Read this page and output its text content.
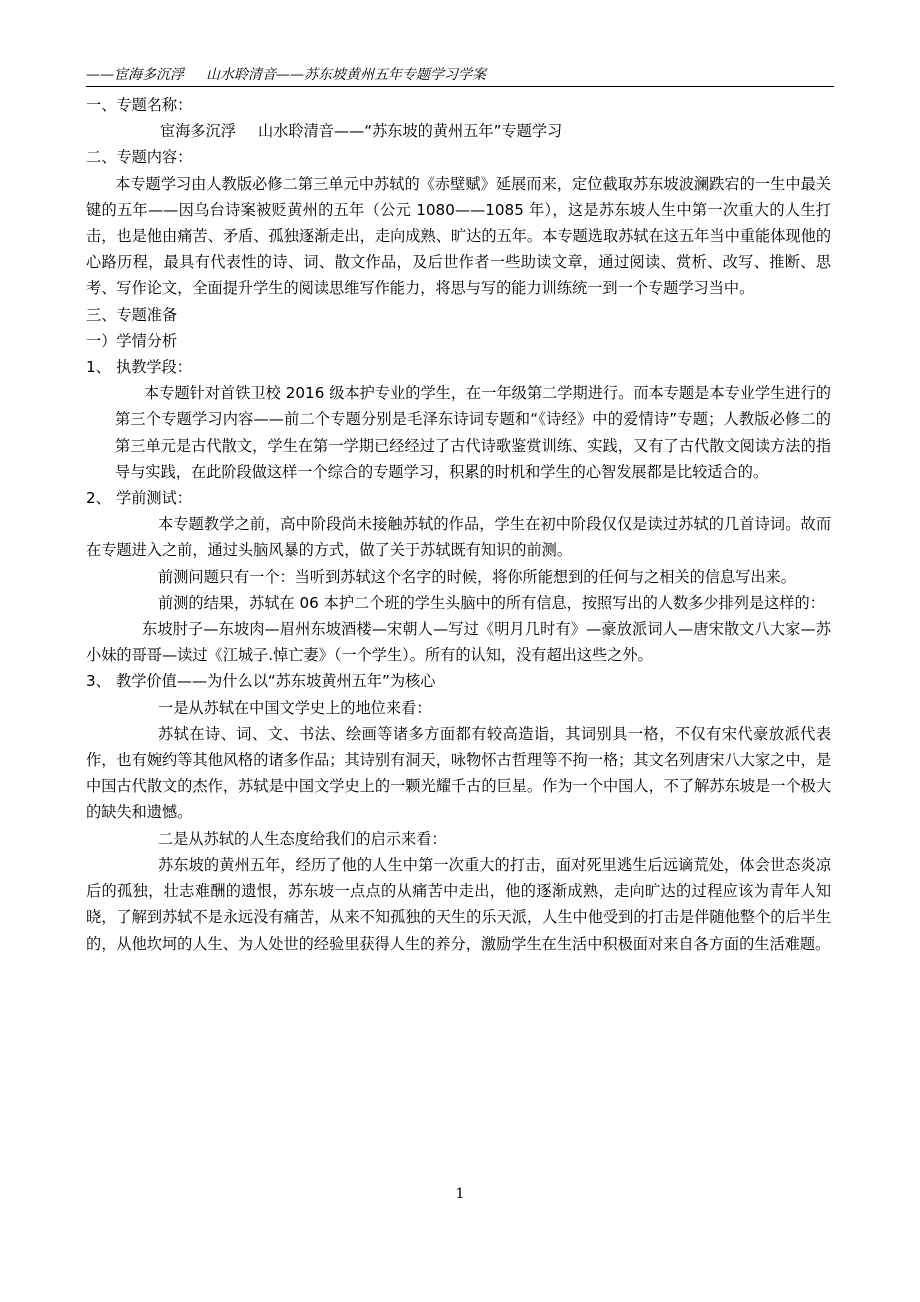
——宦海多沉浮 山水聆清音——苏东坡黄州五年专题学习学案

一、专题名称：

宦海多沉浮 山水聆清音——“苏东坡的黄州五年”专题学习

二、专题内容：

本专题学习由人教版必修二第三单元中苏轼的《赤壁赋》延展而来，定位截取苏东坡波澜跌宕的一生中最关键的五年——因乌台诗案被贬黄州的五年（公元 1080——1085 年），这是苏东坡人生中第一次重大的人生打击，也是他由痛苦、矛盾、孤独逐渐走出，走向成熟、旷达的五年。本专题选取苏轼在这五年当中重能体现他的心路历程，最具有代表性的诗、词、散文作品，及后世作者一些助读文章，通过阅读、赏析、改写、推断、思考、写作论文，全面提升学生的阅读思维写作能力，将思与写的能力训练统一到一个专题学习当中。

三、专题准备

一）学情分析

1、 执教学段：

本专题针对首铁卫校 2016 级本护专业的学生，在一年级第二学期进行。而本专题是本专业学生进行的第三个专题学习内容——前二个专题分别是毛泽东诗词专题和“《诗经》中的爱情诗”专题；人教版必修二的第三单元是古代散文，学生在第一学期已经经过了古代诗歌鉴赏训练、实践，又有了古代散文阅读方法的指导与实践，在此阶段做这样一个综合的专题学习，积累的时机和学生的心智发展都是比较适合的。

2、 学前测试：

本专题教学之前，高中阶段尚未接触苏轼的作品，学生在初中阶段仅仅是读过苏轼的几首诗词。故而在专题进入之前，通过头脑风暴的方式，做了关于苏轼既有知识的前测。

前测问题只有一个：当听到苏轼这个名字的时候，将你所能想到的任何与之相关的信息写出来。

前测的结果，苏轼在 06 本护二个班的学生头脑中的所有信息，按照写出的人数多少排列是这样的：

东坡肘子—东坡肉—眉州东坡酒楼—宋朝人—写过《明月几时有》—豪放派词人—唐宋散文八大家—苏小妹的哥哥—读过《江城子.悼亡妻》（一个学生）。所有的认知，没有超出这些之外。

3、 教学价值——为什么以“苏东坡黄州五年”为核心

一是从苏轼在中国文学史上的地位来看：

苏轼在诗、词、文、书法、绘画等诸多方面都有较高造诣，其词别具一格，不仅有宋代豪放派代表作，也有婉约等其他风格的诸多作品；其诗别有洞天，咏物怀古哲理等不拘一格；其文名列唐宋八大家之中，是中国古代散文的杰作，苏轼是中国文学史上的一颗光耀千古的巨星。作为一个中国人，不了解苏东坡是一个极大的缺失和遗憾。

二是从苏轼的人生态度给我们的启示来看：

苏东坡的黄州五年，经历了他的人生中第一次重大的打击，面对死里逃生后远谪荒处，体会世态炎凉后的孤独，壮志难酬的遗恨，苏东坡一点点的从痛苦中走出，他的逐渐成熟，走向旷达的过程应该为青年人知晓，了解到苏轼不是永远没有痛苦，从来不知孤独的天生的乐天派，人生中他受到的打击是伴随他整个的后半生的，从他坎坷的人生、为人处世的经验里获得人生的养分，激励学生在生活中积极面对来自各方面的生活难题。

1
